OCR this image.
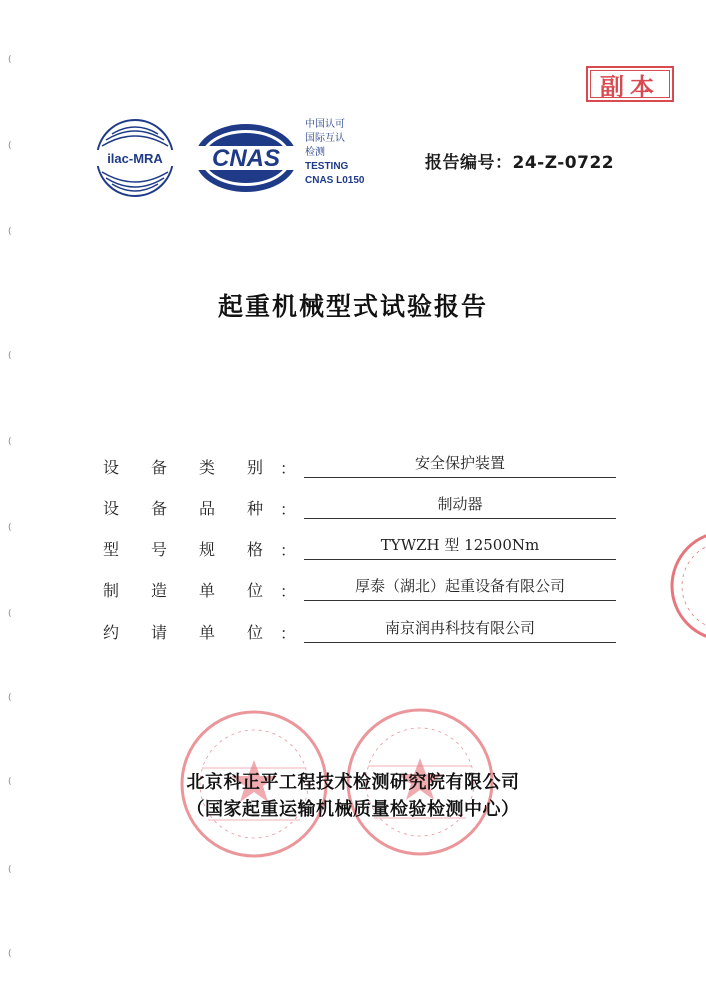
(
(
(
(
(
(
(
(
(
(
(
副本
ilac-MRA CNAS
中国认可
国际互认
检测
TESTING
CNAS L0150
报告编号：24-Z-0722
起重机械型式试验报告
设 备 类 别 ：	安全保护装置
设 备 品 种 ：	制动器
型 号 规 格 ：	TYWZH 型 12500Nm
制 造 单 位 ：	厚泰（湖北）起重设备有限公司
约 请 单 位 ：	南京润冉科技有限公司
北京科正平工程技术检测研究院有限公司
（国家起重运输机械质量检验检测中心）
